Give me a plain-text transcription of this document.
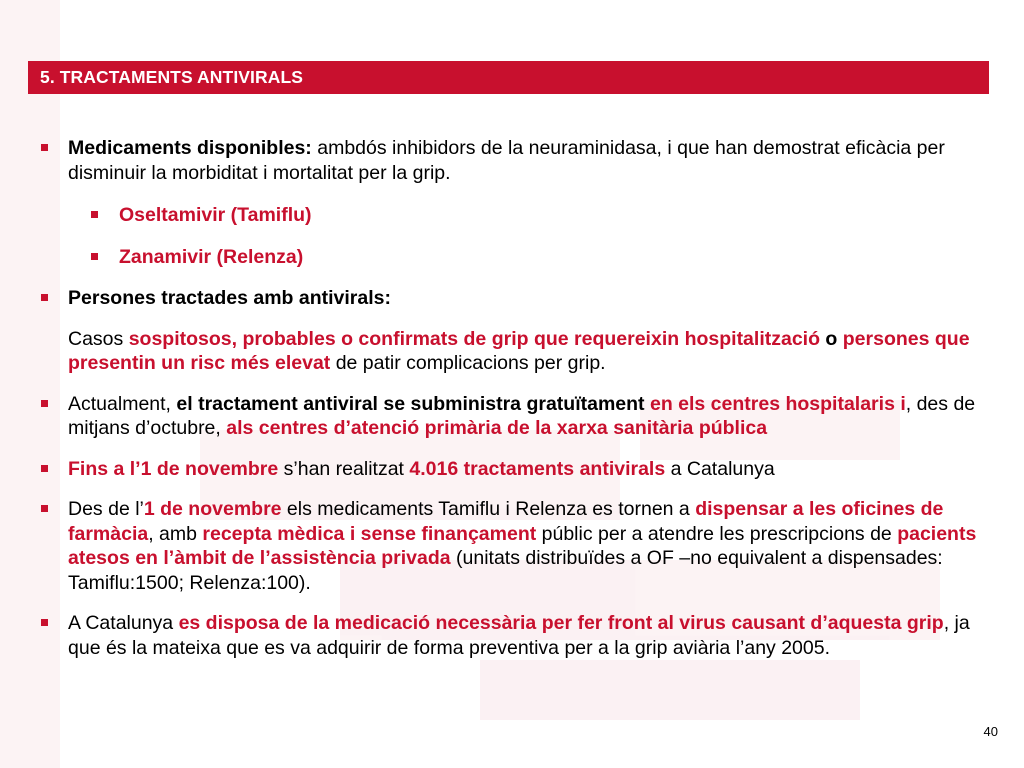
5. TRACTAMENTS ANTIVIRALS
Medicaments disponibles: ambdós inhibidors de la neuraminidasa, i que han demostrat eficàcia per disminuir la morbiditat i mortalitat per la grip.
Oseltamivir (Tamiflu)
Zanamivir (Relenza)
Persones tractades amb antivirals:
Casos sospitosos, probables o confirmats de grip que requereixin hospitalització o persones que presentin un risc més elevat de patir complicacions per grip.
Actualment, el tractament antiviral se subministra gratuïtament en els centres hospitalaris i, des de mitjans d’octubre, als centres d’atenció primària de la xarxa sanitària pública
Fins a l’1 de novembre s’han realitzat 4.016 tractaments antivirals a Catalunya
Des de l’1 de novembre els medicaments Tamiflu i Relenza es tornen a dispensar a les oficines de farmàcia, amb recepta mèdica i sense finançament públic per a atendre les prescripcions de pacients atesos en l’àmbit de l’assistència privada (unitats distribuïdes a OF –no equivalent a dispensades: Tamiflu:1500; Relenza:100).
A Catalunya es disposa de la medicació necessària per fer front al virus causant d’aquesta grip, ja que és la mateixa que es va adquirir de forma preventiva per a la grip aviària l’any 2005.
40
